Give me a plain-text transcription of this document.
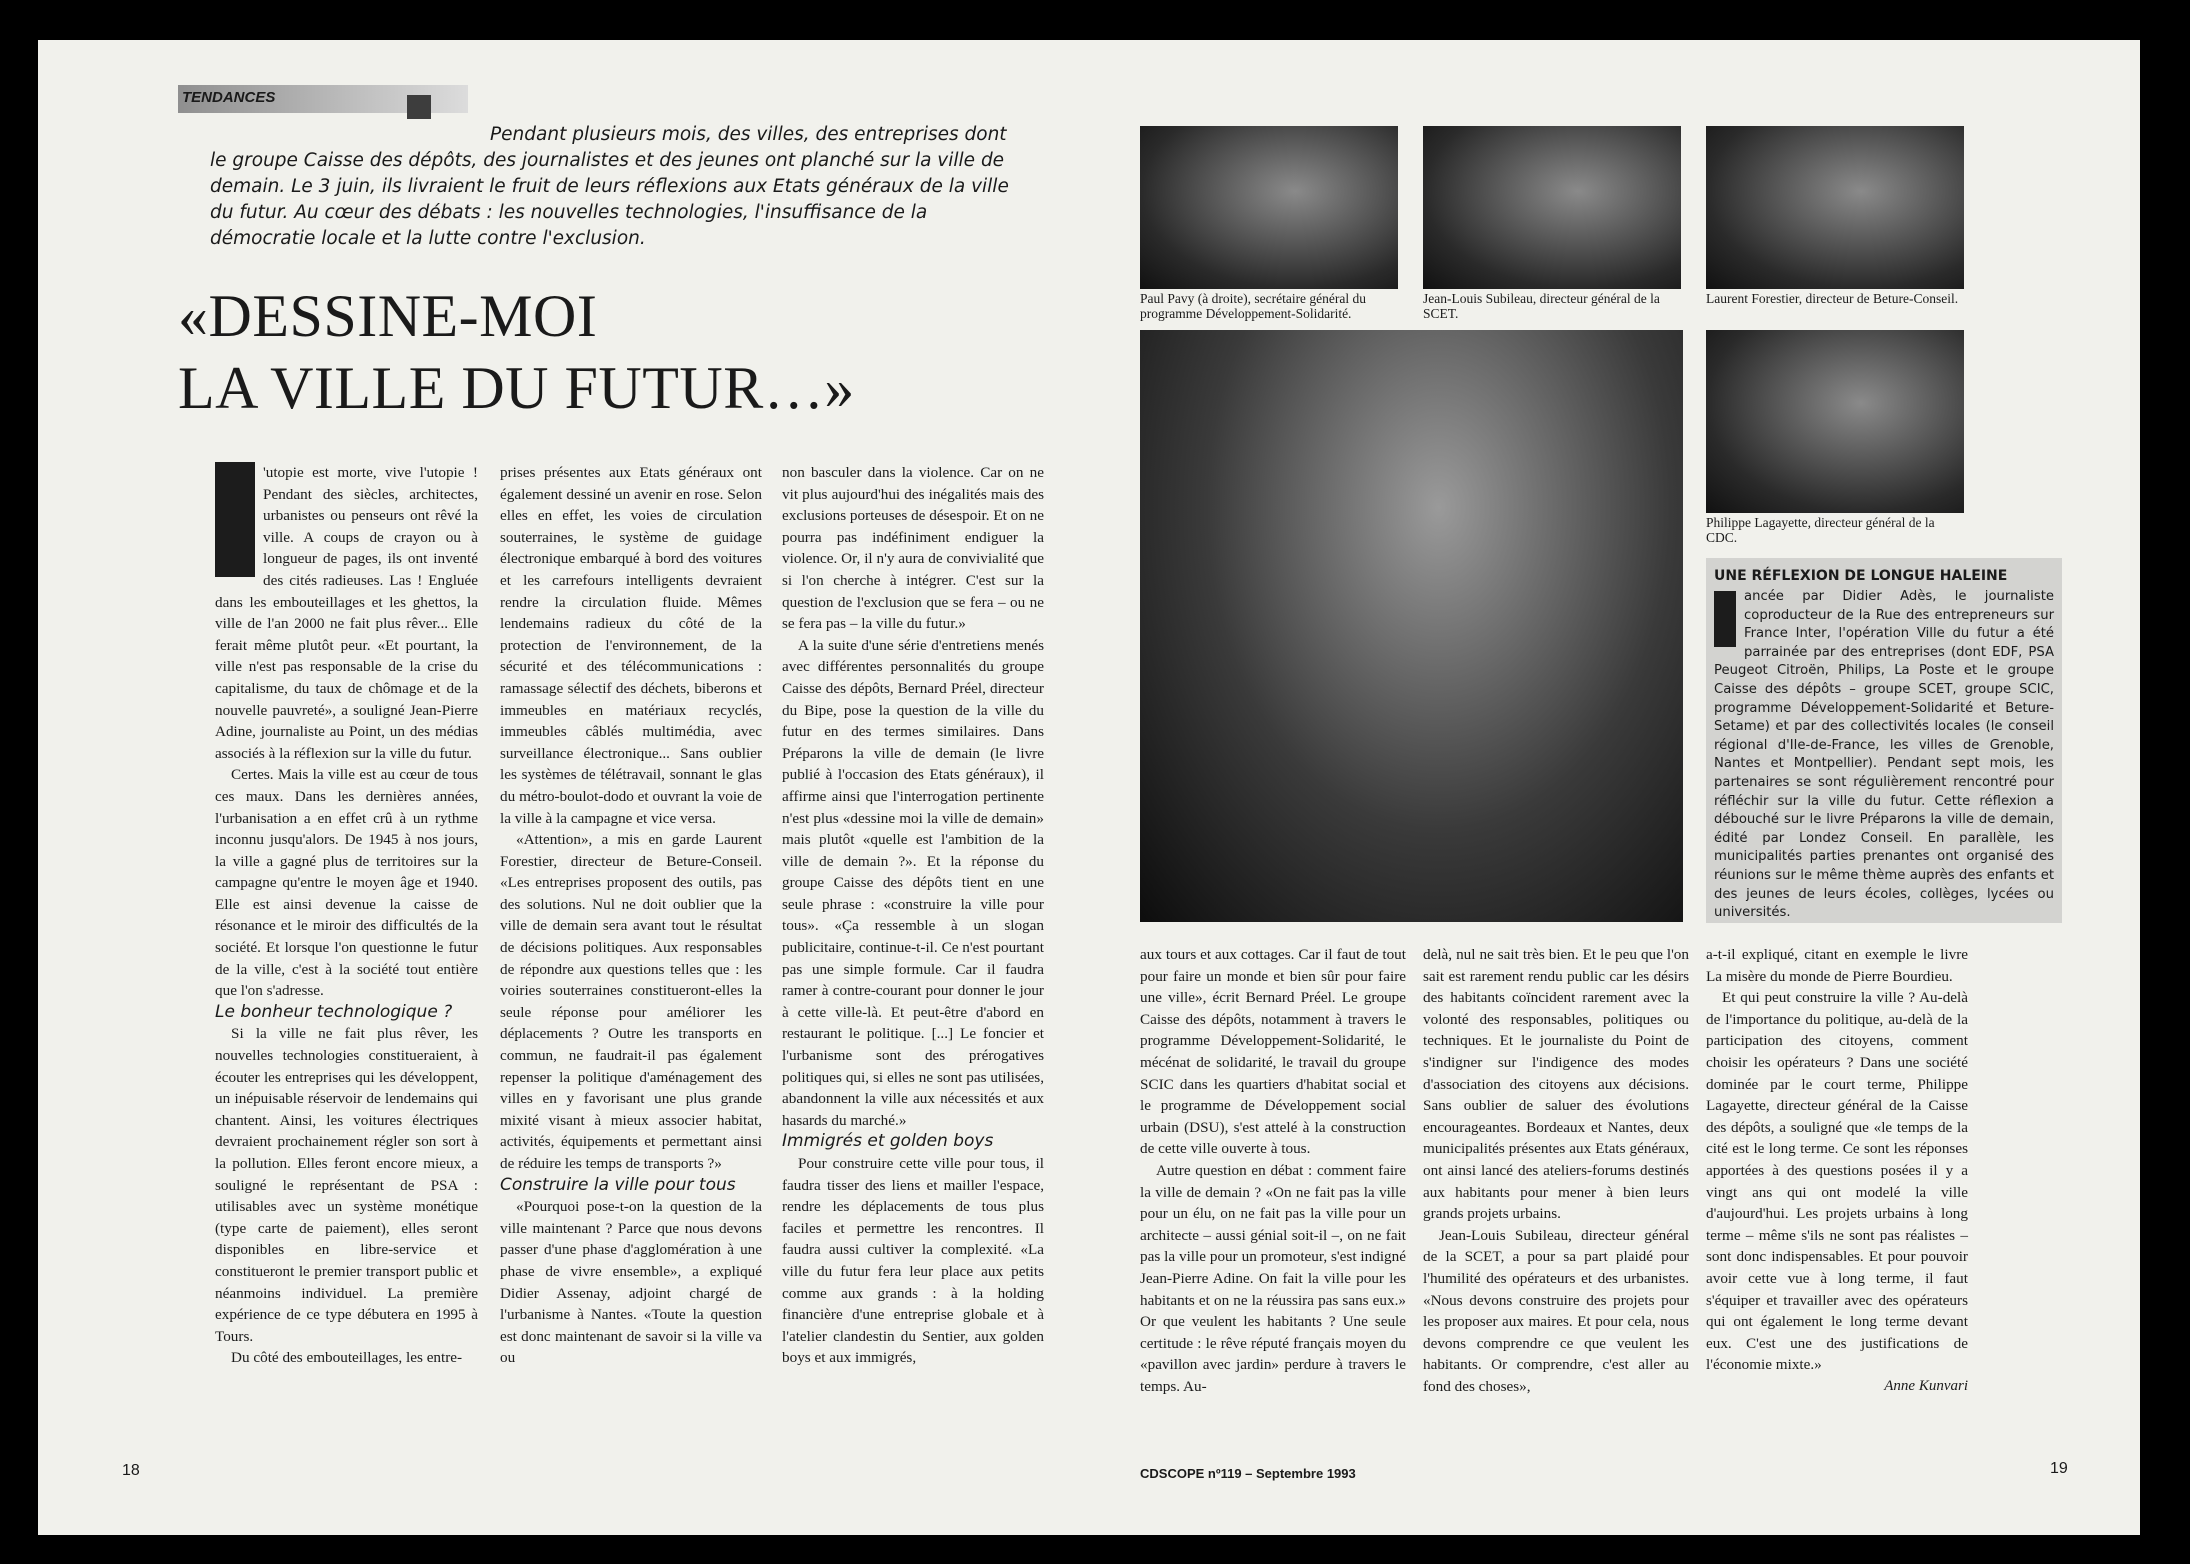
TENDANCES
Pendant plusieurs mois, des villes, des entreprises dont le groupe Caisse des dépôts, des journalistes et des jeunes ont planché sur la ville de demain. Le 3 juin, ils livraient le fruit de leurs réflexions aux Etats généraux de la ville du futur. Au cœur des débats : les nouvelles technologies, l'insuffisance de la démocratie locale et la lutte contre l'exclusion.
«DESSINE-MOI
LA VILLE DU FUTUR…»

'utopie est morte, vive l'utopie ! Pendant des siècles, architectes, urbanistes ou penseurs ont rêvé la ville. A coups de crayon ou à longueur de pages, ils ont inventé des cités radieuses. Las ! Engluée dans les embouteillages et les ghettos, la ville de l'an 2000 ne fait plus rêver... Elle ferait même plutôt peur. «Et pourtant, la ville n'est pas responsable de la crise du capitalisme, du taux de chômage et de la nouvelle pauvreté», a souligné Jean-Pierre Adine, journaliste au Point, un des médias associés à la réflexion sur la ville du futur.

Certes. Mais la ville est au cœur de tous ces maux. Dans les dernières années, l'urbanisation a en effet crû à un rythme inconnu jusqu'alors. De 1945 à nos jours, la ville a gagné plus de territoires sur la campagne qu'entre le moyen âge et 1940. Elle est ainsi devenue la caisse de résonance et le miroir des difficultés de la société. Et lorsque l'on questionne le futur de la ville, c'est à la société tout entière que l'on s'adresse.

Le bonheur technologique ?

Si la ville ne fait plus rêver, les nouvelles technologies constitueraient, à écouter les entreprises qui les développent, un inépuisable réservoir de lendemains qui chantent. Ainsi, les voitures électriques devraient prochainement régler son sort à la pollution. Elles feront encore mieux, a souligné le représentant de PSA : utilisables avec un système monétique (type carte de paiement), elles seront disponibles en libre-service et constitueront le premier transport public et néanmoins individuel. La première expérience de ce type débutera en 1995 à Tours.

Du côté des embouteillages, les entre-

prises présentes aux Etats généraux ont également dessiné un avenir en rose. Selon elles en effet, les voies de circulation souterraines, le système de guidage électronique embarqué à bord des voitures et les carrefours intelligents devraient rendre la circulation fluide. Mêmes lendemains radieux du côté de la protection de l'environnement, de la sécurité et des télécommunications : ramassage sélectif des déchets, biberons et immeubles en matériaux recyclés, immeubles câblés multimédia, avec surveillance électronique... Sans oublier les systèmes de télétravail, sonnant le glas du métro-boulot-dodo et ouvrant la voie de la ville à la campagne et vice versa.

«Attention», a mis en garde Laurent Forestier, directeur de Beture-Conseil. «Les entreprises proposent des outils, pas des solutions. Nul ne doit oublier que la ville de demain sera avant tout le résultat de décisions politiques. Aux responsables de répondre aux questions telles que : les voiries souterraines constitueront-elles la seule réponse pour améliorer les déplacements ? Outre les transports en commun, ne faudrait-il pas également repenser la politique d'aménagement des villes en y favorisant une plus grande mixité visant à mieux associer habitat, activités, équipements et permettant ainsi de réduire les temps de transports ?»

Construire la ville pour tous

«Pourquoi pose-t-on la question de la ville maintenant ? Parce que nous devons passer d'une phase d'agglomération à une phase de vivre ensemble», a expliqué Didier Assenay, adjoint chargé de l'urbanisme à Nantes. «Toute la question est donc maintenant de savoir si la ville va ou

non basculer dans la violence. Car on ne vit plus aujourd'hui des inégalités mais des exclusions porteuses de désespoir. Et on ne pourra pas indéfiniment endiguer la violence. Or, il n'y aura de convivialité que si l'on cherche à intégrer. C'est sur la question de l'exclusion que se fera – ou ne se fera pas – la ville du futur.»

A la suite d'une série d'entretiens menés avec différentes personnalités du groupe Caisse des dépôts, Bernard Préel, directeur du Bipe, pose la question de la ville du futur en des termes similaires. Dans Préparons la ville de demain (le livre publié à l'occasion des Etats généraux), il affirme ainsi que l'interrogation pertinente n'est plus «dessine moi la ville de demain» mais plutôt «quelle est l'ambition de la ville de demain ?». Et la réponse du groupe Caisse des dépôts tient en une seule phrase : «construire la ville pour tous». «Ça ressemble à un slogan publicitaire, continue-t-il. Ce n'est pourtant pas une simple formule. Car il faudra ramer à contre-courant pour donner le jour à cette ville-là. Et peut-être d'abord en restaurant le politique. [...] Le foncier et l'urbanisme sont des prérogatives politiques qui, si elles ne sont pas utilisées, abandonnent la ville aux nécessités et aux hasards du marché.»

Immigrés et golden boys

Pour construire cette ville pour tous, il faudra tisser des liens et mailler l'espace, rendre les déplacements de tous plus faciles et permettre les rencontres. Il faudra aussi cultiver la complexité. «La ville du futur fera leur place aux petits comme aux grands : à la holding financière d'une entreprise globale et à l'atelier clandestin du Sentier, aux golden boys et aux immigrés,

18
Paul Pavy (à droite), secrétaire général du programme Développement-Solidarité.
Jean-Louis Subileau, directeur général de la SCET.
Laurent Forestier, directeur de Beture-Conseil.
Philippe Lagayette, directeur général de la CDC.
UNE RÉFLEXION DE LONGUE HALEINE
ancée par Didier Adès, le journaliste coproducteur de la Rue des entrepreneurs sur France Inter, l'opération Ville du futur a été parrainée par des entreprises (dont EDF, PSA Peugeot Citroën, Philips, La Poste et le groupe Caisse des dépôts – groupe SCET, groupe SCIC, programme Développement-Solidarité et Beture-Setame) et par des collectivités locales (le conseil régional d'Ile-de-France, les villes de Grenoble, Nantes et Montpellier). Pendant sept mois, les partenaires se sont régulièrement rencontré pour réfléchir sur la ville du futur. Cette réflexion a débouché sur le livre Préparons la ville de demain, édité par Londez Conseil. En parallèle, les municipalités parties prenantes ont organisé des réunions sur le même thème auprès des enfants et des jeunes de leurs écoles, collèges, lycées ou universités.

aux tours et aux cottages. Car il faut de tout pour faire un monde et bien sûr pour faire une ville», écrit Bernard Préel. Le groupe Caisse des dépôts, notamment à travers le programme Développement-Solidarité, le mécénat de solidarité, le travail du groupe SCIC dans les quartiers d'habitat social et le programme de Développement social urbain (DSU), s'est attelé à la construction de cette ville ouverte à tous.

Autre question en débat : comment faire la ville de demain ? «On ne fait pas la ville pour un élu, on ne fait pas la ville pour un architecte – aussi génial soit-il –, on ne fait pas la ville pour un promoteur, s'est indigné Jean-Pierre Adine. On fait la ville pour les habitants et on ne la réussira pas sans eux.» Or que veulent les habitants ? Une seule certitude : le rêve réputé français moyen du «pavillon avec jardin» perdure à travers le temps. Au-

delà, nul ne sait très bien. Et le peu que l'on sait est rarement rendu public car les désirs des habitants coïncident rarement avec la volonté des responsables, politiques ou techniques. Et le journaliste du Point de s'indigner sur l'indigence des modes d'association des citoyens aux décisions. Sans oublier de saluer des évolutions encourageantes. Bordeaux et Nantes, deux municipalités présentes aux Etats généraux, ont ainsi lancé des ateliers-forums destinés aux habitants pour mener à bien leurs grands projets urbains.

Jean-Louis Subileau, directeur général de la SCET, a pour sa part plaidé pour l'humilité des opérateurs et des urbanistes. «Nous devons construire des projets pour les proposer aux maires. Et pour cela, nous devons comprendre ce que veulent les habitants. Or comprendre, c'est aller au fond des choses»,

a-t-il expliqué, citant en exemple le livre La misère du monde de Pierre Bourdieu.

Et qui peut construire la ville ? Au-delà de l'importance du politique, au-delà de la participation des citoyens, comment choisir les opérateurs ? Dans une société dominée par le court terme, Philippe Lagayette, directeur général de la Caisse des dépôts, a souligné que «le temps de la cité est le long terme. Ce sont les réponses apportées à des questions posées il y a vingt ans qui ont modelé la ville d'aujourd'hui. Les projets urbains à long terme – même s'ils ne sont pas réalistes – sont donc indispensables. Et pour pouvoir avoir cette vue à long terme, il faut s'équiper et travailler avec des opérateurs qui ont également le long terme devant eux. C'est une des justifications de l'économie mixte.»

Anne Kunvari
CDSCOPE nº119 – Septembre 1993	19
